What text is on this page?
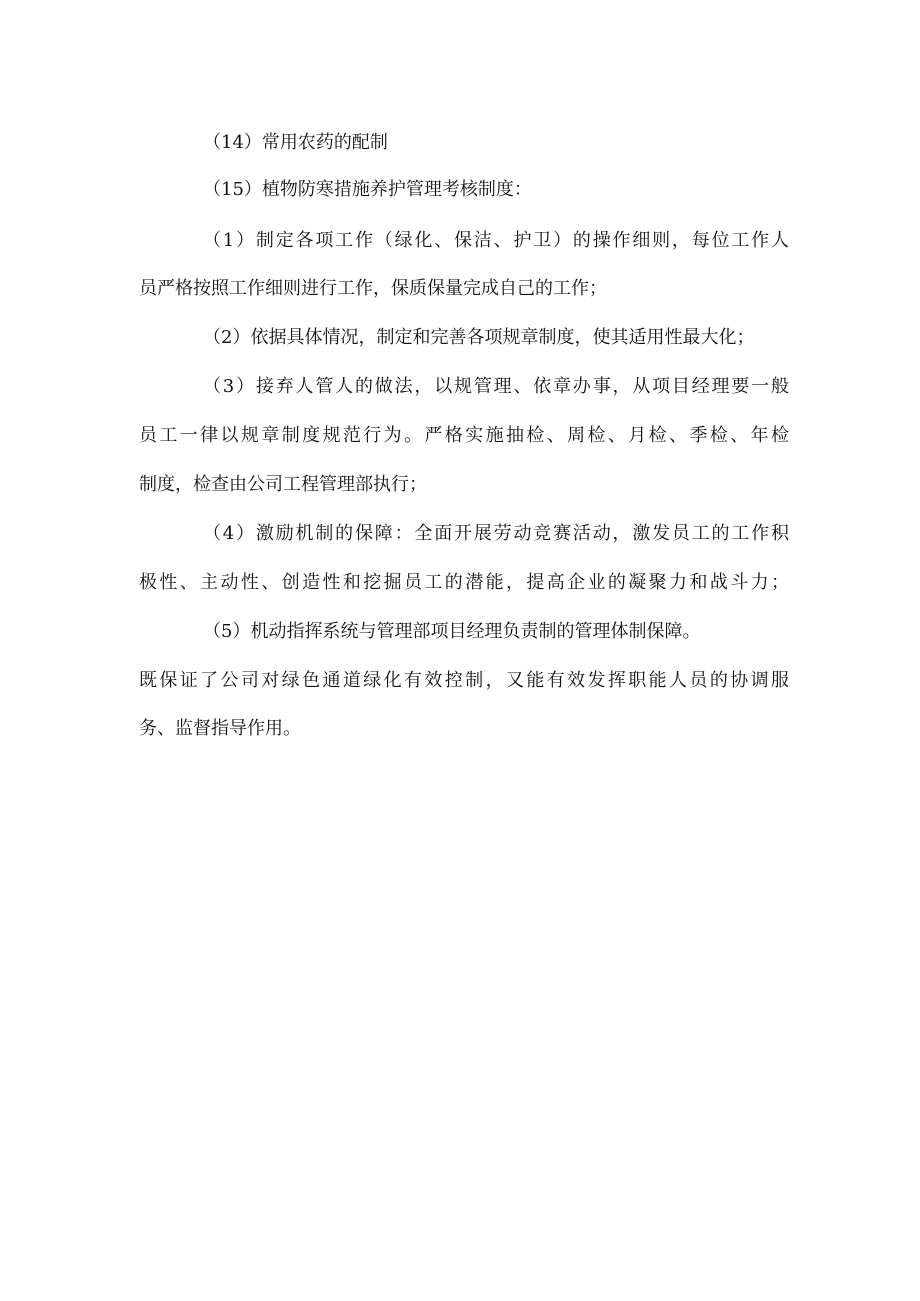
（14）常用农药的配制
（15）植物防寒措施养护管理考核制度：
（1）制定各项工作（绿化、保洁、护卫）的操作细则，每位工作人
员严格按照工作细则进行工作，保质保量完成自己的工作；
（2）依据具体情况，制定和完善各项规章制度，使其适用性最大化；
（3）接弃人管人的做法，以规管理、依章办事，从项目经理要一般
员工一律以规章制度规范行为。严格实施抽检、周检、月检、季检、年检
制度，检查由公司工程管理部执行；
（4）激励机制的保障：全面开展劳动竞赛活动，激发员工的工作积
极性、主动性、创造性和挖掘员工的潜能，提高企业的凝聚力和战斗力；
（5）机动指挥系统与管理部项目经理负责制的管理体制保障。
既保证了公司对绿色通道绿化有效控制，又能有效发挥职能人员的协调服
务、监督指导作用。
